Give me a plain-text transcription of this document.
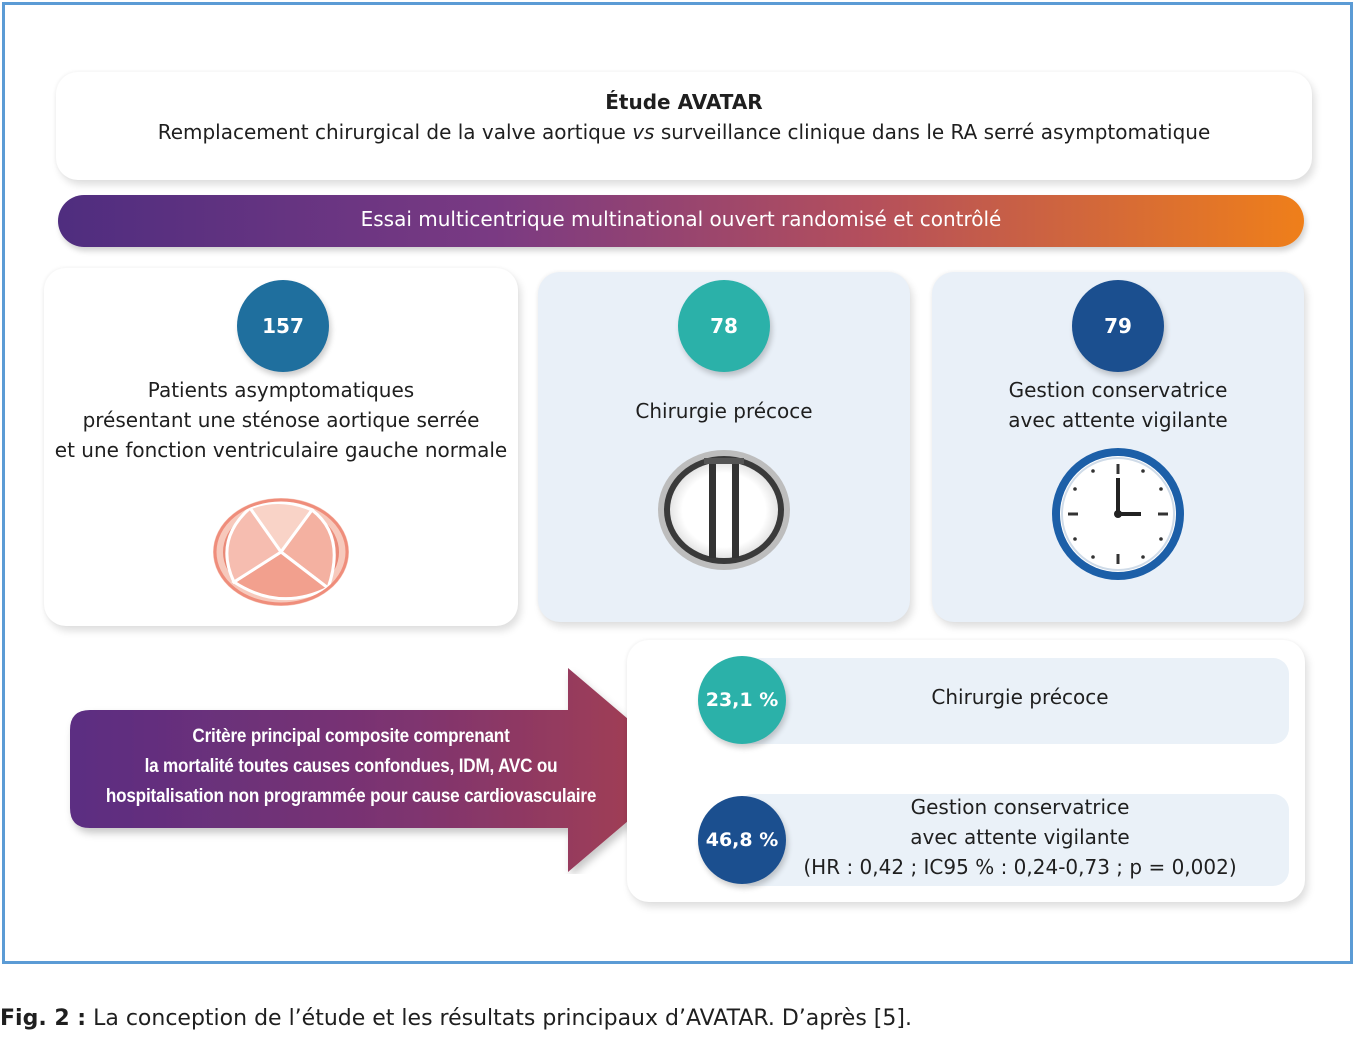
Étude AVATAR
Remplacement chirurgical de la valve aortique vs surveillance clinique dans le RA serré asymptomatique
Essai multicentrique multinational ouvert randomisé et contrôlé
157
Patients asymptomatiques
présentant une sténose aortique serrée
et une fonction ventriculaire gauche normale
78
Chirurgie précoce
79
Gestion conservatrice
avec attente vigilante
Critère principal composite comprenant
la mortalité toutes causes confondues, IDM, AVC ou
hospitalisation non programmée pour cause cardiovasculaire
Chirurgie précoce
Gestion conservatrice
avec attente vigilante
(HR : 0,42 ; IC95 % : 0,24-0,73 ; p = 0,002)
23,1 %
46,8 %
Fig. 2 : La conception de l’étude et les résultats principaux d’AVATAR. D’après [5].
